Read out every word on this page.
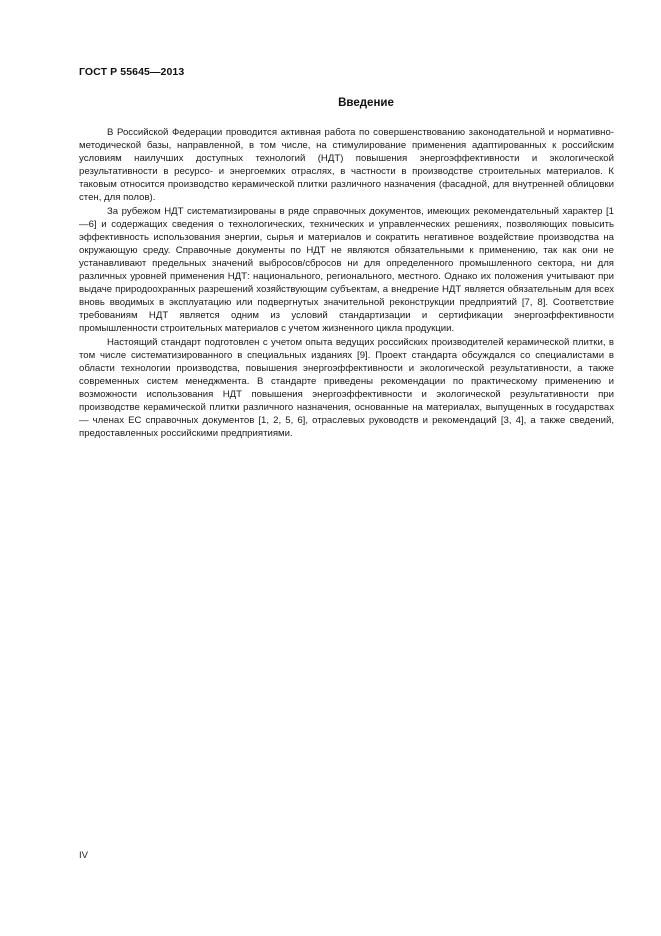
ГОСТ Р 55645—2013
Введение

В Российской Федерации проводится активная работа по совершенствованию законодательной и нормативно-методической базы, направленной, в том числе, на стимулирование применения адаптированных к российским условиям наилучших доступных технологий (НДТ) повышения энергоэффективности и экологической результативности в ресурсо- и энергоемких отраслях, в частности в производстве строительных материалов. К таковым относится производство керамической плитки различного назначения (фасадной, для внутренней облицовки стен, для полов).

За рубежом НДТ систематизированы в ряде справочных документов, имеющих рекомендательный характер [1—6] и содержащих сведения о технологических, технических и управленческих решениях, позволяющих повысить эффективность использования энергии, сырья и материалов и сократить негативное воздействие производства на окружающую среду. Справочные документы по НДТ не являются обязательными к применению, так как они не устанавливают предельных значений выбросов/сбросов ни для определенного промышленного сектора, ни для различных уровней применения НДТ: национального, регионального, местного. Однако их положения учитывают при выдаче природоохранных разрешений хозяйствующим субъектам, а внедрение НДТ является обязательным для всех вновь вводимых в эксплуатацию или подвергнутых значительной реконструкции предприятий [7, 8]. Соответствие требованиям НДТ является одним из условий стандартизации и сертификации энергоэффективности промышленности строительных материалов с учетом жизненного цикла продукции.

Настоящий стандарт подготовлен с учетом опыта ведущих российских производителей керамической плитки, в том числе систематизированного в специальных изданиях [9]. Проект стандарта обсуждался со специалистами в области технологии производства, повышения энергоэффективности и экологической результативности, а также современных систем менеджмента. В стандарте приведены рекомендации по практическому применению и возможности использования НДТ повышения энергоэффективности и экологической результативности при производстве керамической плитки различного назначения, основанные на материалах, выпущенных в государствах — членах ЕС справочных документов [1, 2, 5, 6], отраслевых руководств и рекомендаций [3, 4], а также сведений, предоставленных российскими предприятиями.

IV
